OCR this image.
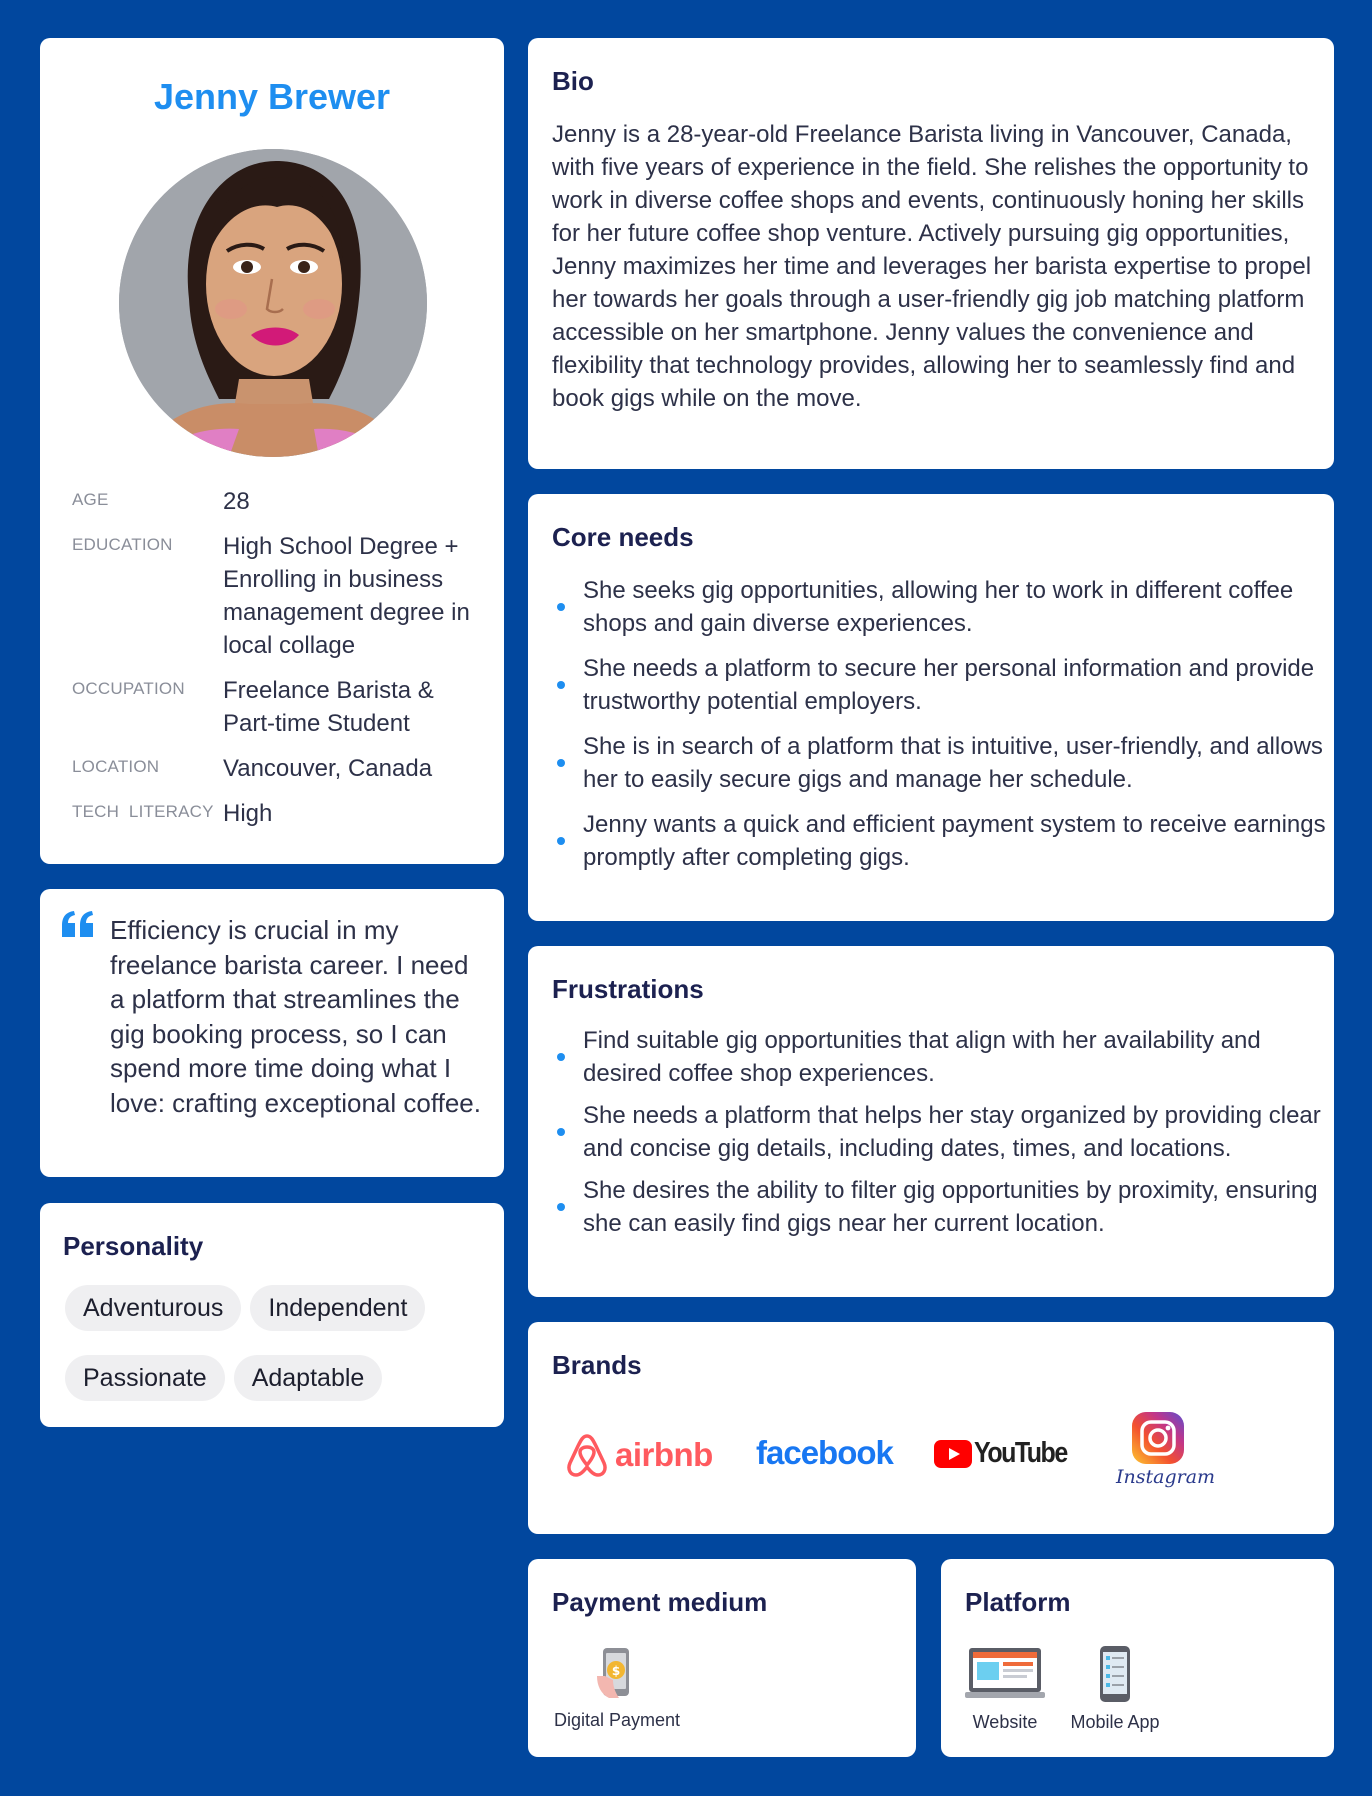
Jenny Brewer
AGE	28
EDUCATION	High School Degree + Enrolling in business management degree in local collage
OCCUPATION	Freelance Barista & Part-time Student
LOCATION	Vancouver, Canada
TECH  LITERACY High
Efficiency is crucial in my freelance barista career. I need a platform that streamlines the gig booking process, so I can spend more time doing what I love: crafting exceptional coffee.
Personality
Adventurous	Independent
Passionate	Adaptable
Bio
Jenny is a 28-year-old Freelance Barista living in Vancouver, Canada, with five years of experience in the field. She relishes the opportunity to work in diverse coffee shops and events, continuously honing her skills for her future coffee shop venture. Actively pursuing gig opportunities, Jenny maximizes her time and leverages her barista expertise to propel her towards her goals through a user-friendly gig job matching platform accessible on her smartphone. Jenny values the convenience and flexibility that technology provides, allowing her to seamlessly find and book gigs while on the move.
Core needs
She seeks gig opportunities, allowing her to work in different coffee shops and gain diverse experiences.
She needs a platform to secure her personal information and provide trustworthy potential employers.
She is in search of a platform that is intuitive, user-friendly, and allows her to easily secure gigs and manage her schedule.
Jenny wants a quick and efficient payment system to receive earnings promptly after completing gigs.
Frustrations
Find suitable gig opportunities that align with her availability and desired coffee shop experiences.
She needs a platform that helps her stay organized by providing clear and concise gig details, including dates, times, and locations.
She desires the ability to filter gig opportunities by proximity, ensuring she can easily find gigs near her current location.
Brands
airbnb facebook	YouTube
Instagram
Payment medium
$
Digital Payment
Platform
Website	Mobile App
